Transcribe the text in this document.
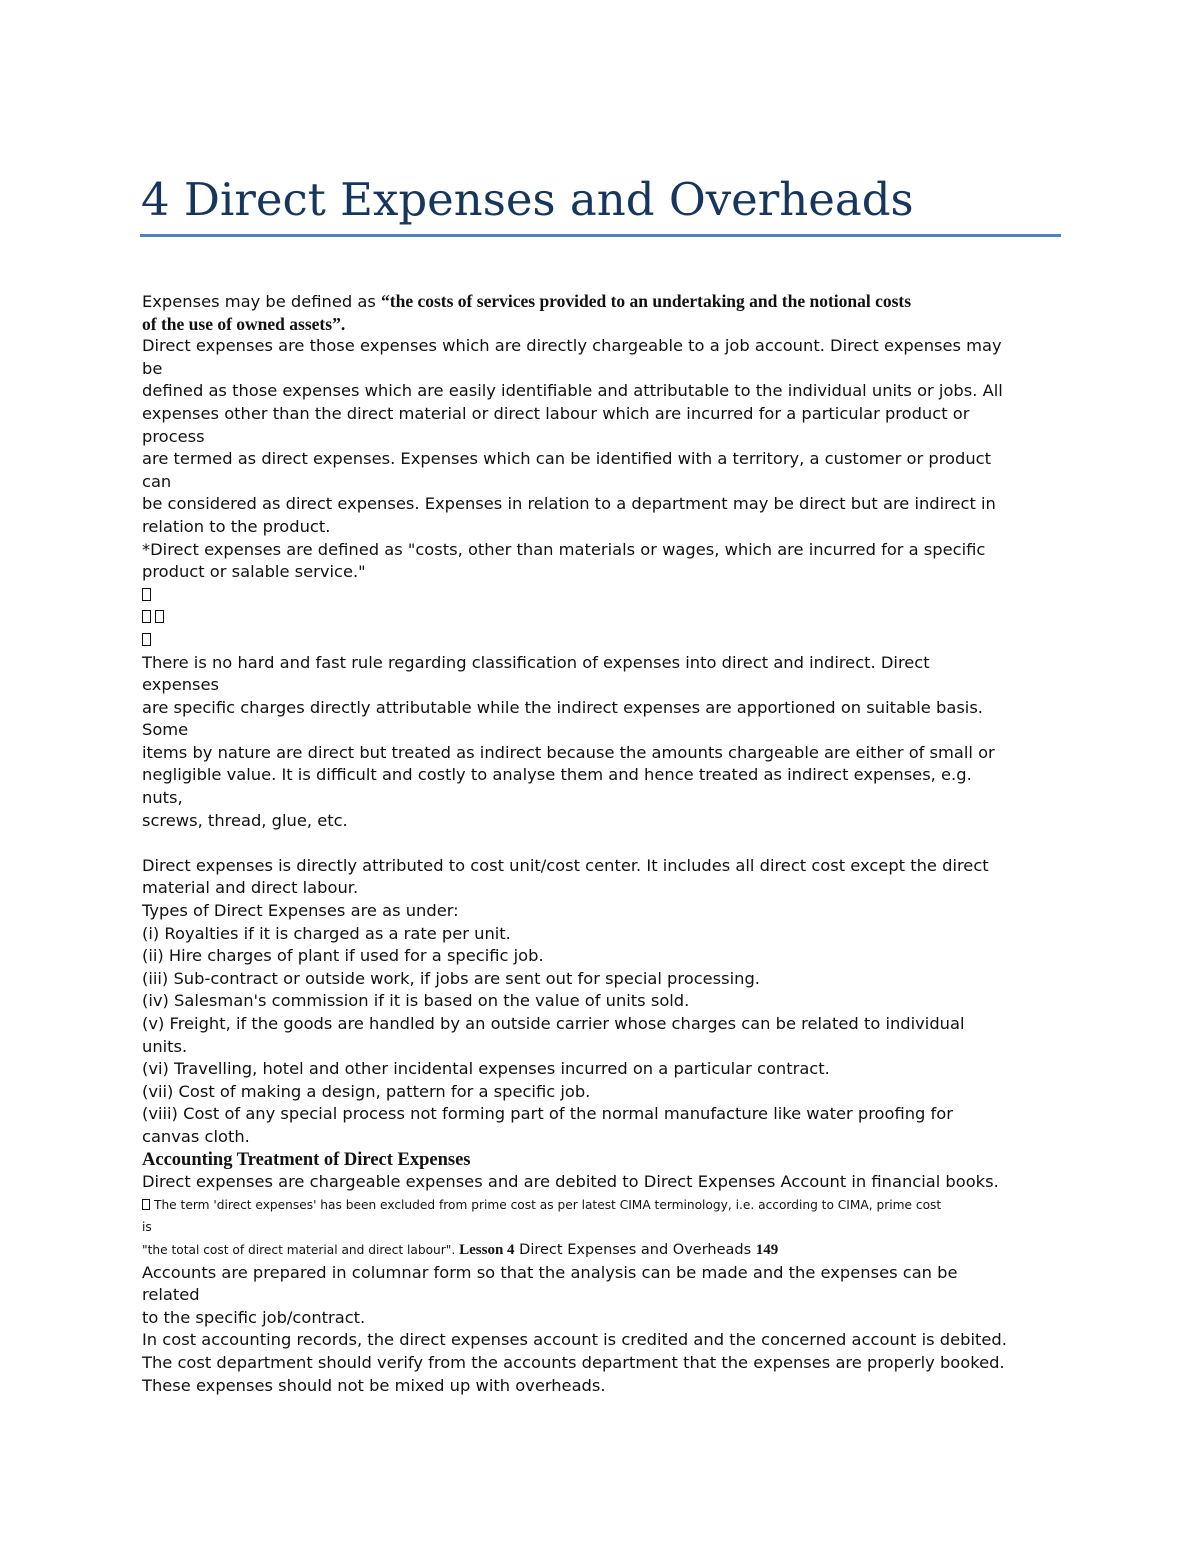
4 Direct Expenses and Overheads
Expenses may be defined as “the costs of services provided to an undertaking and the notional costs
of the use of owned assets”.
Direct expenses are those expenses which are directly chargeable to a job account. Direct expenses may
be
defined as those expenses which are easily identifiable and attributable to the individual units or jobs. All
expenses other than the direct material or direct labour which are incurred for a particular product or
process
are termed as direct expenses. Expenses which can be identified with a territory, a customer or product
can
be considered as direct expenses. Expenses in relation to a department may be direct but are indirect in
relation to the product.
*Direct expenses are defined as "costs, other than materials or wages, which are incurred for a specific
product or salable service."
There is no hard and fast rule regarding classification of expenses into direct and indirect. Direct
expenses
are specific charges directly attributable while the indirect expenses are apportioned on suitable basis.
Some
items by nature are direct but treated as indirect because the amounts chargeable are either of small or
negligible value. It is difficult and costly to analyse them and hence treated as indirect expenses, e.g.
nuts,
screws, thread, glue, etc.
Direct expenses is directly attributed to cost unit/cost center. It includes all direct cost except the direct
material and direct labour.
Types of Direct Expenses are as under:
(i) Royalties if it is charged as a rate per unit.
(ii) Hire charges of plant if used for a specific job.
(iii) Sub-contract or outside work, if jobs are sent out for special processing.
(iv) Salesman's commission if it is based on the value of units sold.
(v) Freight, if the goods are handled by an outside carrier whose charges can be related to individual
units.
(vi) Travelling, hotel and other incidental expenses incurred on a particular contract.
(vii) Cost of making a design, pattern for a specific job.
(viii) Cost of any special process not forming part of the normal manufacture like water proofing for
canvas cloth.
Accounting Treatment of Direct Expenses
Direct expenses are chargeable expenses and are debited to Direct Expenses Account in financial books.
The term 'direct expenses' has been excluded from prime cost as per latest CIMA terminology, i.e. according to CIMA, prime cost
is
"the total cost of direct material and direct labour". Lesson 4 Direct Expenses and Overheads 149
Accounts are prepared in columnar form so that the analysis can be made and the expenses can be
related
to the specific job/contract.
In cost accounting records, the direct expenses account is credited and the concerned account is debited.
The cost department should verify from the accounts department that the expenses are properly booked.
These expenses should not be mixed up with overheads.
